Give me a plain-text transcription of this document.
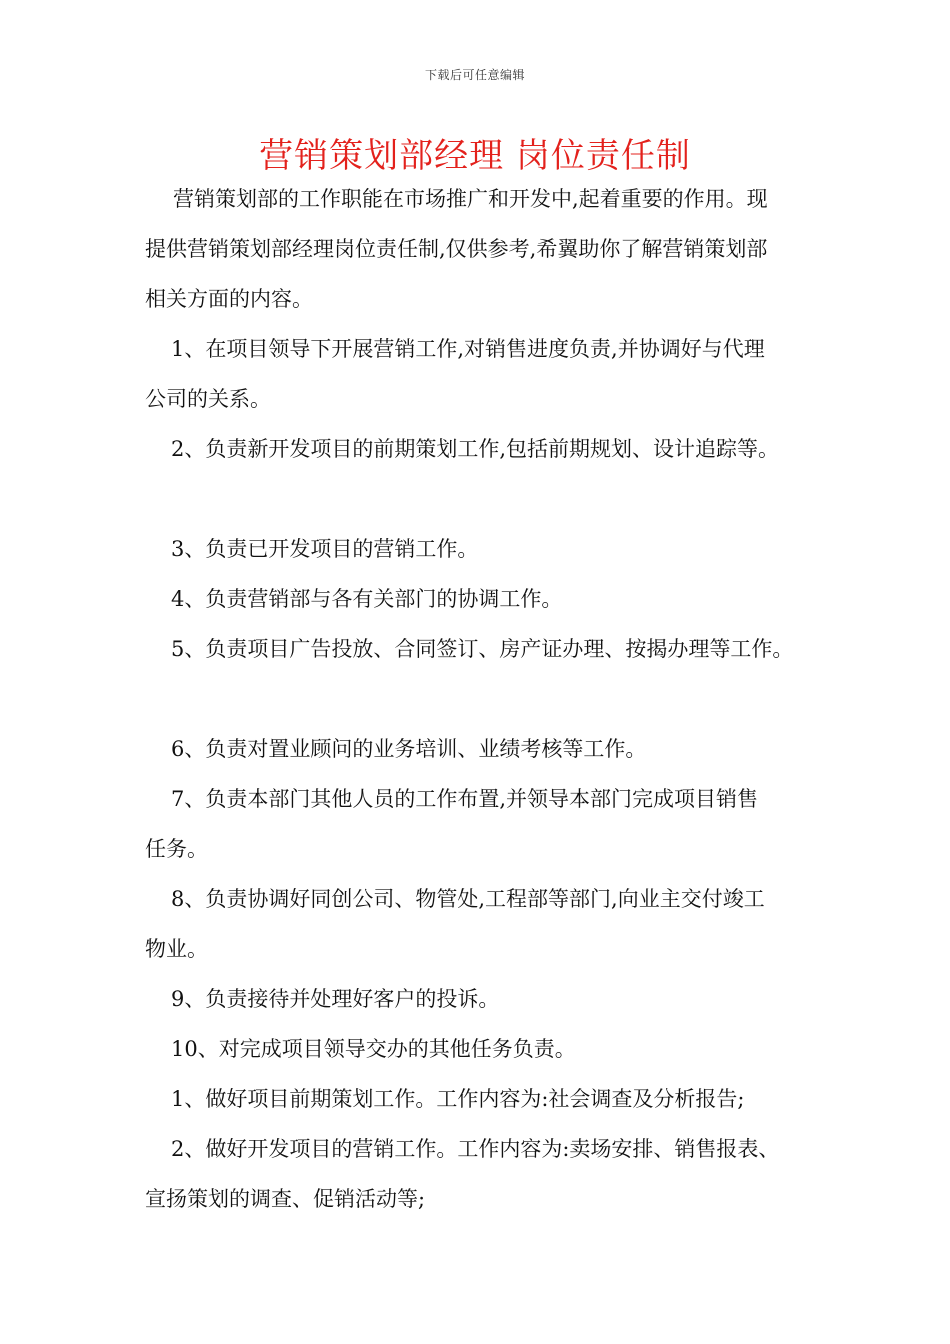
下载后可任意编辑
营销策划部经理 岗位责任制

营销策划部的工作职能在市场推广和开发中,起着重要的作用。现

提供营销策划部经理岗位责任制,仅供参考,希翼助你了解营销策划部

相关方面的内容。

1、在项目领导下开展营销工作,对销售进度负责,并协调好与代理

公司的关系。

2、负责新开发项目的前期策划工作,包括前期规划、设计追踪等。

3、负责已开发项目的营销工作。

4、负责营销部与各有关部门的协调工作。

5、负责项目广告投放、合同签订、房产证办理、按揭办理等工作。

6、负责对置业顾问的业务培训、业绩考核等工作。

7、负责本部门其他人员的工作布置,并领导本部门完成项目销售

任务。

8、负责协调好同创公司、物管处,工程部等部门,向业主交付竣工

物业。

9、负责接待并处理好客户的投诉。

10、对完成项目领导交办的其他任务负责。

1、做好项目前期策划工作。工作内容为:社会调查及分析报告;

2、做好开发项目的营销工作。工作内容为:卖场安排、销售报表、

宣扬策划的调查、促销活动等;
